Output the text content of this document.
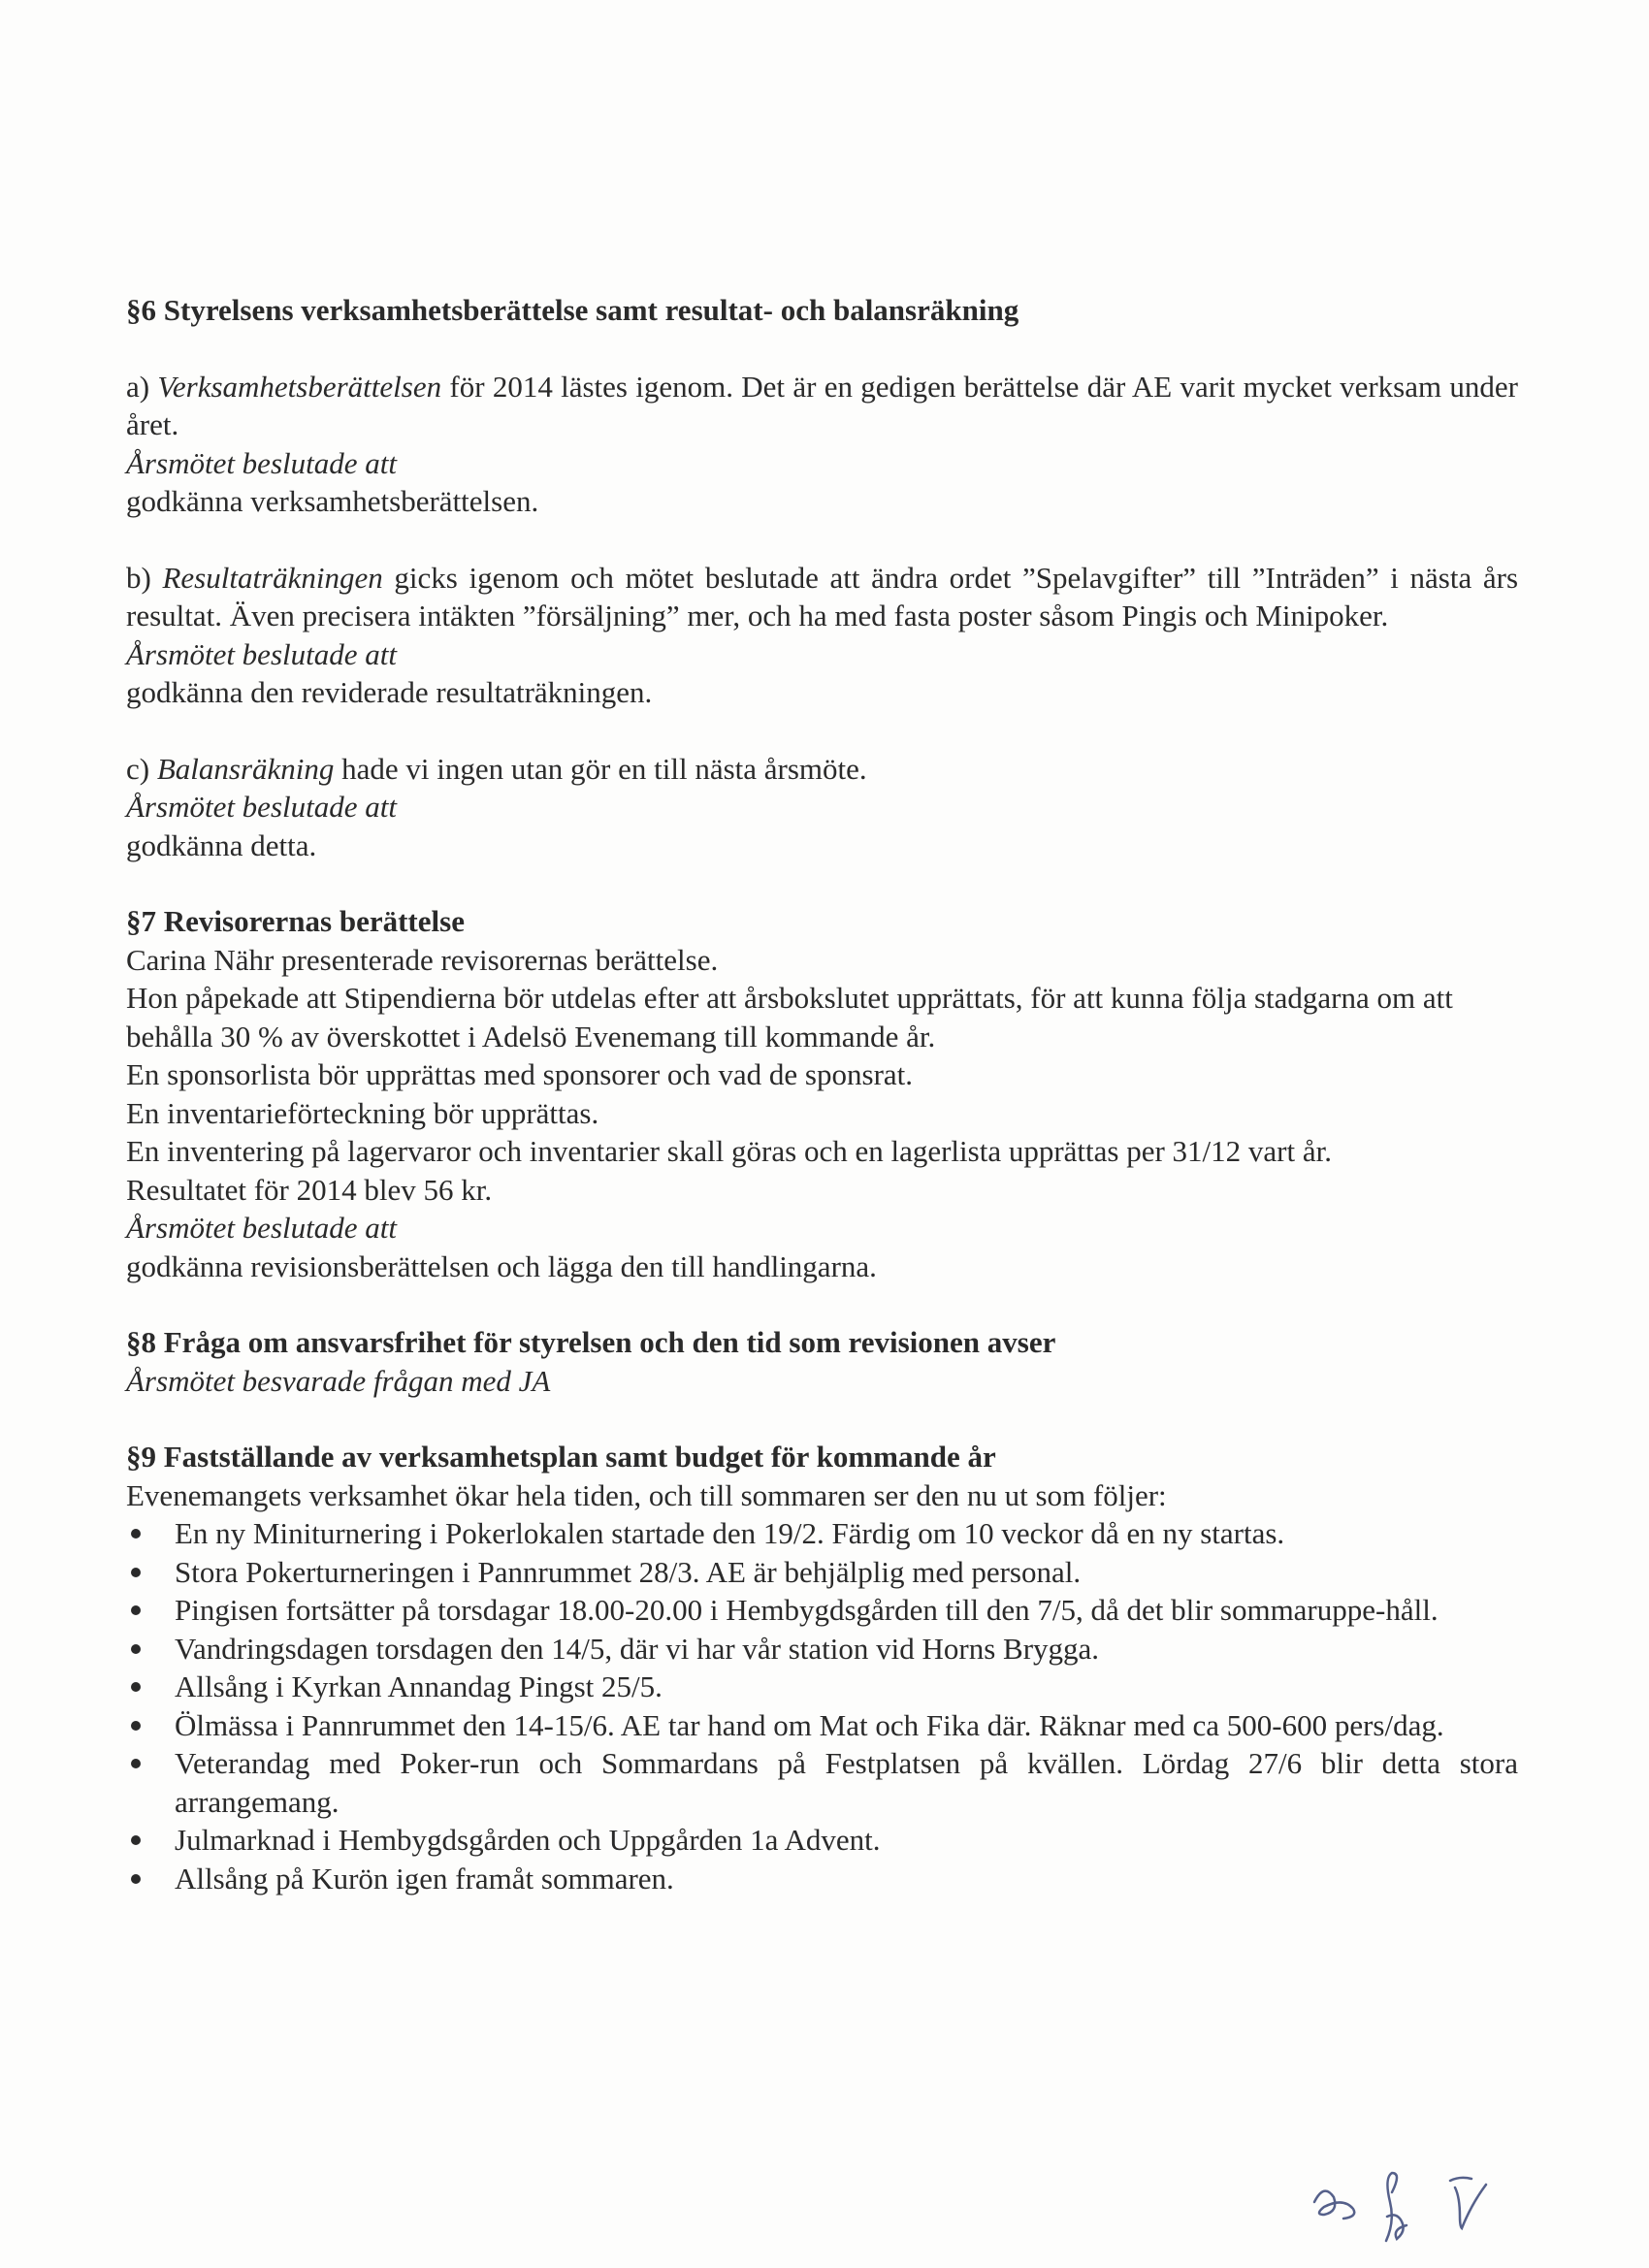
§6 Styrelsens verksamhetsberättelse samt resultat- och balansräkning
a) Verksamhetsberättelsen för 2014 lästes igenom. Det är en gedigen berättelse där AE varit mycket verksam under året.
Årsmötet beslutade att
godkänna verksamhetsberättelsen.
b) Resultaträkningen gicks igenom och mötet beslutade att ändra ordet ”Spelavgifter” till ”Inträden” i nästa års resultat. Även precisera intäkten ”försäljning” mer, och ha med fasta poster såsom Pingis och Minipoker.
Årsmötet beslutade att
godkänna den reviderade resultaträkningen.
c) Balansräkning hade vi ingen utan gör en till nästa årsmöte.
Årsmötet beslutade att
godkänna detta.
§7 Revisorernas berättelse
Carina Nähr presenterade revisorernas berättelse.
Hon påpekade att Stipendierna bör utdelas efter att årsbokslutet upprättats, för att kunna följa stadgarna om att behålla 30 % av överskottet i Adelsö Evenemang till kommande år.
En sponsorlista bör upprättas med sponsorer och vad de sponsrat.
En inventarieförteckning bör upprättas.
En inventering på lagervaror och inventarier skall göras och en lagerlista upprättas per 31/12 vart år.
Resultatet för 2014 blev 56 kr.
Årsmötet beslutade att
godkänna revisionsberättelsen och lägga den till handlingarna.
§8 Fråga om ansvarsfrihet för styrelsen och den tid som revisionen avser
Årsmötet besvarade frågan med JA
§9 Fastställande av verksamhetsplan samt budget för kommande år
Evenemangets verksamhet ökar hela tiden, och till sommaren ser den nu ut som följer:
En ny Miniturnering i Pokerlokalen startade den 19/2. Färdig om 10 veckor då en ny startas.
Stora Pokerturneringen i Pannrummet 28/3. AE är behjälplig med personal.
Pingisen fortsätter på torsdagar 18.00-20.00 i Hembygdsgården till den 7/5, då det blir sommaruppe-håll.
Vandringsdagen torsdagen den 14/5, där vi har vår station vid Horns Brygga.
Allsång i Kyrkan Annandag Pingst 25/5.
Ölmässa i Pannrummet den 14-15/6. AE tar hand om Mat och Fika där. Räknar med ca 500-600 pers/dag.
Veterandag med Poker-run och Sommardans på Festplatsen på kvällen. Lördag 27/6 blir detta stora arrangemang.
Julmarknad i Hembygdsgården och Uppgården 1a Advent.
Allsång på Kurön igen framåt sommaren.
